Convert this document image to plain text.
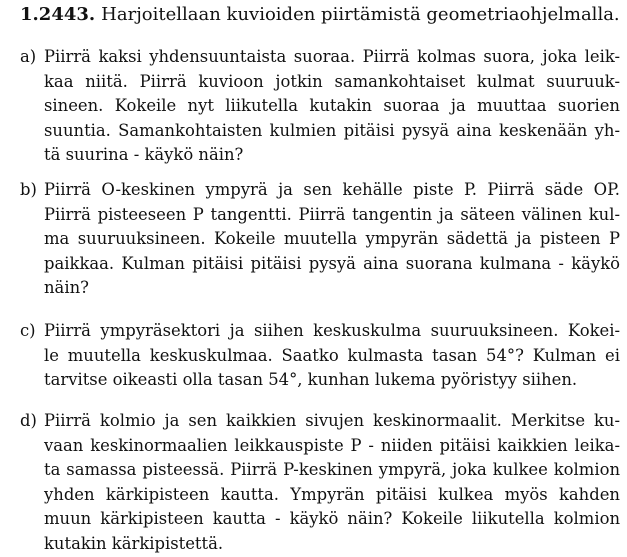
1.2443. Harjoitellaan kuvioiden piirtämistä geometriaohjelmalla.
a) Piirrä kaksi yhdensuuntaista suoraa. Piirrä kolmas suora, joka leik-
kaa niitä. Piirrä kuvioon jotkin samankohtaiset kulmat suuruuk-
sineen. Kokeile nyt liikutella kutakin suoraa ja muuttaa suorien
suuntia. Samankohtaisten kulmien pitäisi pysyä aina keskenään yh-
tä suurina - käykö näin?
b) Piirrä O-keskinen ympyrä ja sen kehälle piste P. Piirrä säde OP.
Piirrä pisteeseen P tangentti. Piirrä tangentin ja säteen välinen kul-
ma suuruuksineen. Kokeile muutella ympyrän sädettä ja pisteen P
paikkaa. Kulman pitäisi pitäisi pysyä aina suorana kulmana - käykö
näin?
c) Piirrä ympyräsektori ja siihen keskuskulma suuruuksineen. Kokei-
le muutella keskuskulmaa. Saatko kulmasta tasan 54°? Kulman ei
tarvitse oikeasti olla tasan 54°, kunhan lukema pyöristyy siihen.
d) Piirrä kolmio ja sen kaikkien sivujen keskinormaalit. Merkitse ku-
vaan keskinormaalien leikkauspiste P - niiden pitäisi kaikkien leika-
ta samassa pisteessä. Piirrä P-keskinen ympyrä, joka kulkee kolmion
yhden kärkipisteen kautta. Ympyrän pitäisi kulkea myös kahden
muun kärkipisteen kautta - käykö näin? Kokeile liikutella kolmion
kutakin kärkipistettä.
